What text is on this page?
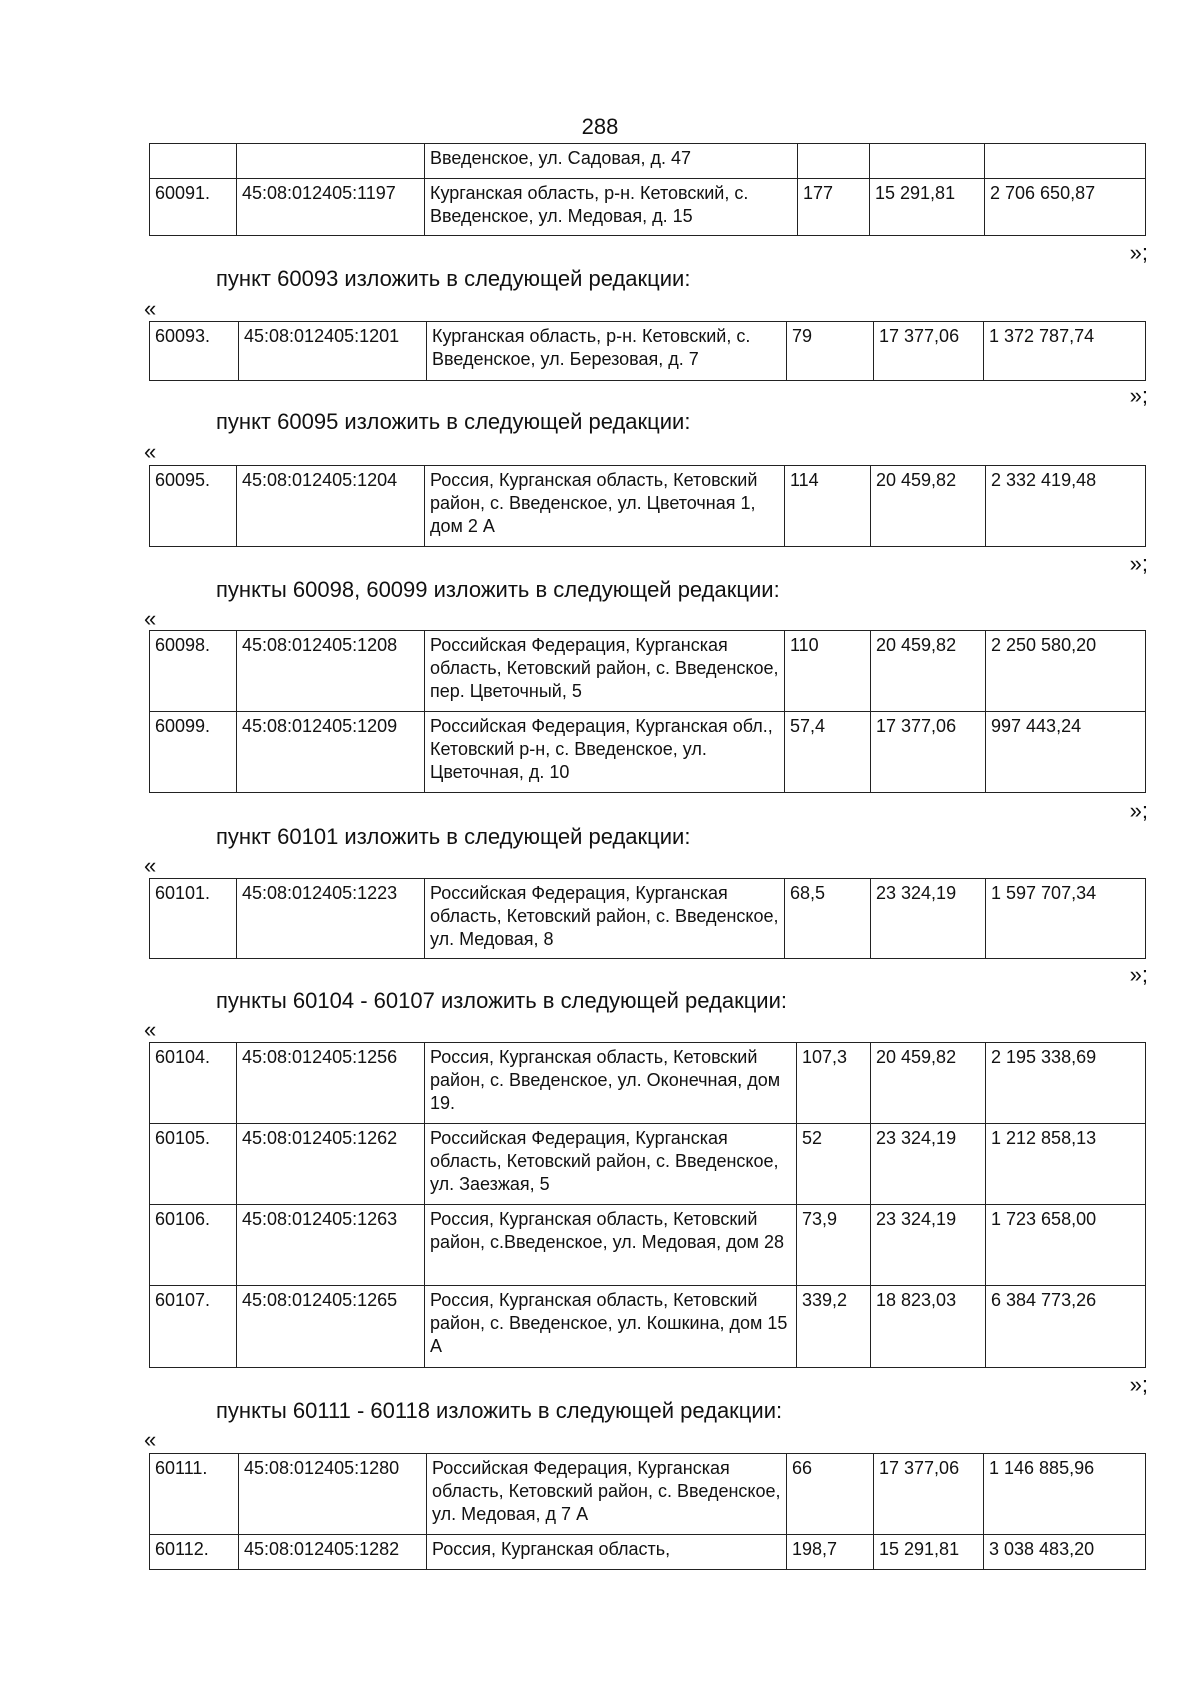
288
		Введенское, ул. Садовая, д. 47			
60091.	45:08:012405:1197	Курганская область, р-н. Кетовский, с. Введенское, ул. Медовая, д. 15	177	15 291,81	2 706 650,87
»;
пункт 60093 изложить в следующей редакции:
«
60093.	45:08:012405:1201	Курганская область, р-н. Кетовский, с. Введенское, ул. Березовая, д. 7	79	17 377,06	1 372 787,74
»;
пункт 60095 изложить в следующей редакции:
«
60095.	45:08:012405:1204	Россия, Курганская область, Кетовский район, с. Введенское, ул. Цветочная 1, дом 2 А	114	20 459,82	2 332 419,48
»;
пункты 60098, 60099 изложить в следующей редакции:
«
60098.	45:08:012405:1208	Российская Федерация, Курганская область, Кетовский район, с. Введенское, пер. Цветочный, 5	110	20 459,82	2 250 580,20
60099.	45:08:012405:1209	Российская Федерация, Курганская обл., Кетовский р-н, с. Введенское, ул. Цветочная, д. 10	57,4	17 377,06	997 443,24
»;
пункт 60101 изложить в следующей редакции:
«
60101.	45:08:012405:1223	Российская Федерация, Курганская область, Кетовский район, с. Введенское, ул. Медовая, 8	68,5	23 324,19	1 597 707,34
»;
пункты 60104 - 60107 изложить в следующей редакции:
«
60104.	45:08:012405:1256	Россия, Курганская область, Кетовский район, с. Введенское, ул. Оконечная, дом 19.	107,3	20 459,82	2 195 338,69
60105.	45:08:012405:1262	Российская Федерация, Курганская область, Кетовский район, с. Введенское, ул. Заезжая, 5	52	23 324,19	1 212 858,13
60106.	45:08:012405:1263	Россия, Курганская область, Кетовский район, с.Введенское, ул. Медовая, дом 28	73,9	23 324,19	1 723 658,00
60107.	45:08:012405:1265	Россия, Курганская область, Кетовский район, с. Введенское, ул. Кошкина, дом 15 А	339,2	18 823,03	6 384 773,26
»;
пункты 60111 - 60118 изложить в следующей редакции:
«
60111.	45:08:012405:1280	Российская Федерация, Курганская область, Кетовский район, с. Введенское, ул. Медовая, д 7 А	66	17 377,06	1 146 885,96
60112.	45:08:012405:1282	Россия, Курганская область,	198,7	15 291,81	3 038 483,20
